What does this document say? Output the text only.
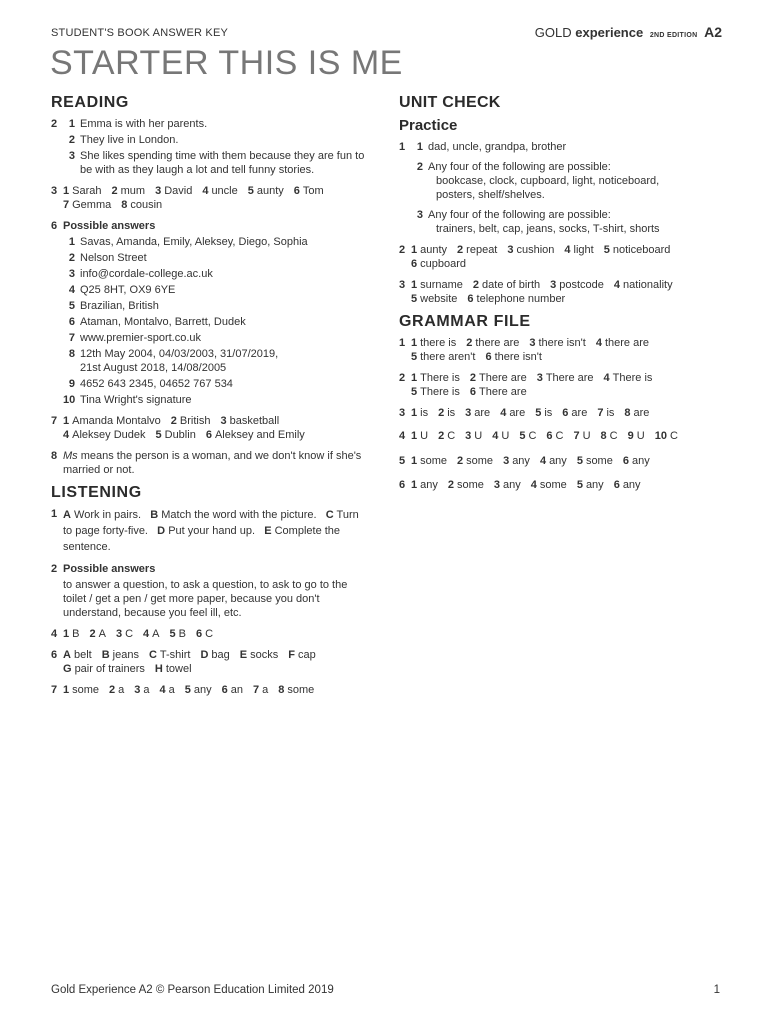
STUDENT'S BOOK ANSWER KEY	GOLD experience 2ND EDITION A2
STARTER THIS IS ME
READING
2	1 Emma is with her parents.
2 They live in London.
3 She likes spending time with them because they are fun to be with as they laugh a lot and tell funny stories.
3 1 Sarah 2 mum 3 David 4 uncle 5 aunty 6 Tom
7 Gemma 8 cousin
6 Possible answers
1 Savas, Amanda, Emily, Aleksey, Diego, Sophia
2 Nelson Street
3 info@cordale-college.ac.uk
4 Q25 8HT, OX9 6YE
5 Brazilian, British
6 Ataman, Montalvo, Barrett, Dudek
7 www.premier-sport.co.uk
8 12th May 2004, 04/03/2003, 31/07/2019, 21st August 2018, 14/08/2005
9 4652 643 2345, 04652 767 534
10 Tina Wright's signature
7 1 Amanda Montalvo 2 British 3 basketball
4 Aleksey Dudek 5 Dublin 6 Aleksey and Emily
8 Ms means the person is a woman, and we don't know if she's married or not.
LISTENING
1 A Work in pairs. B Match the word with the picture. C Turn to page forty-five. D Put your hand up. E Complete the sentence.
2 Possible answers
to answer a question, to ask a question, to ask to go to the toilet / get a pen / get more paper, because you don't understand, because you feel ill, etc.
4 1 B 2 A 3 C 4 A 5 B 6 C
6 A belt B jeans C T-shirt D bag E socks F cap
G pair of trainers H towel
7 1 some 2 a 3 a 4 a 5 any 6 an 7 a 8 some
UNIT CHECK
Practice
1	1 dad, uncle, grandpa, brother
2 Any four of the following are possible:
bookcase, clock, cupboard, light, noticeboard, posters, shelf/shelves.
3 Any four of the following are possible:
trainers, belt, cap, jeans, socks, T-shirt, shorts
2 1 aunty 2 repeat 3 cushion 4 light 5 noticeboard
6 cupboard
3 1 surname 2 date of birth 3 postcode 4 nationality
5 website 6 telephone number
GRAMMAR FILE
1 1 there is 2 there are 3 there isn't 4 there are
5 there aren't 6 there isn't
2 1 There is 2 There are 3 There are 4 There is
5 There is 6 There are
3 1 is 2 is 3 are 4 are 5 is 6 are 7 is 8 are
4 1 U 2 C 3 U 4 U 5 C 6 C 7 U 8 C 9 U 10 C
5 1 some 2 some 3 any 4 any 5 some 6 any
6 1 any 2 some 3 any 4 some 5 any 6 any
Gold Experience A2 © Pearson Education Limited 2019	1
